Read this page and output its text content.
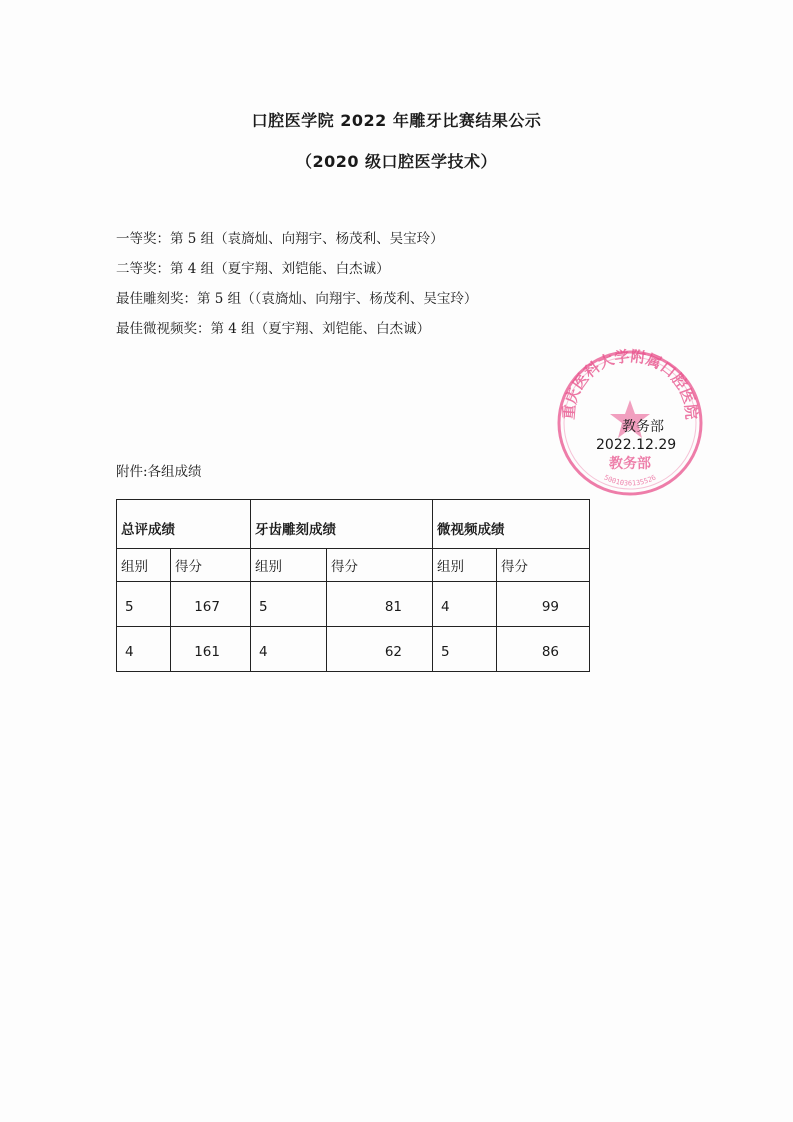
口腔医学院 2022 年雕牙比赛结果公示
（2020 级口腔医学技术）
一等奖：第 5 组（袁旖灿、向翔宇、杨茂利、吴宝玲）
二等奖：第 4 组（夏宇翔、刘铠能、白杰诚）
最佳雕刻奖：第 5 组（（袁旖灿、向翔宇、杨茂利、吴宝玲）
最佳微视频奖：第 4 组（夏宇翔、刘铠能、白杰诚）
重庆医科大学附属口腔医院
教务部
5001036135526
教务部
2022.12.29
附件:各组成绩
总评成绩		牙齿雕刻成绩		微视频成绩	
组别	得分	组别	得分	组别	得分
5	167	5	81	4	99
4	161	4	62	5	86
